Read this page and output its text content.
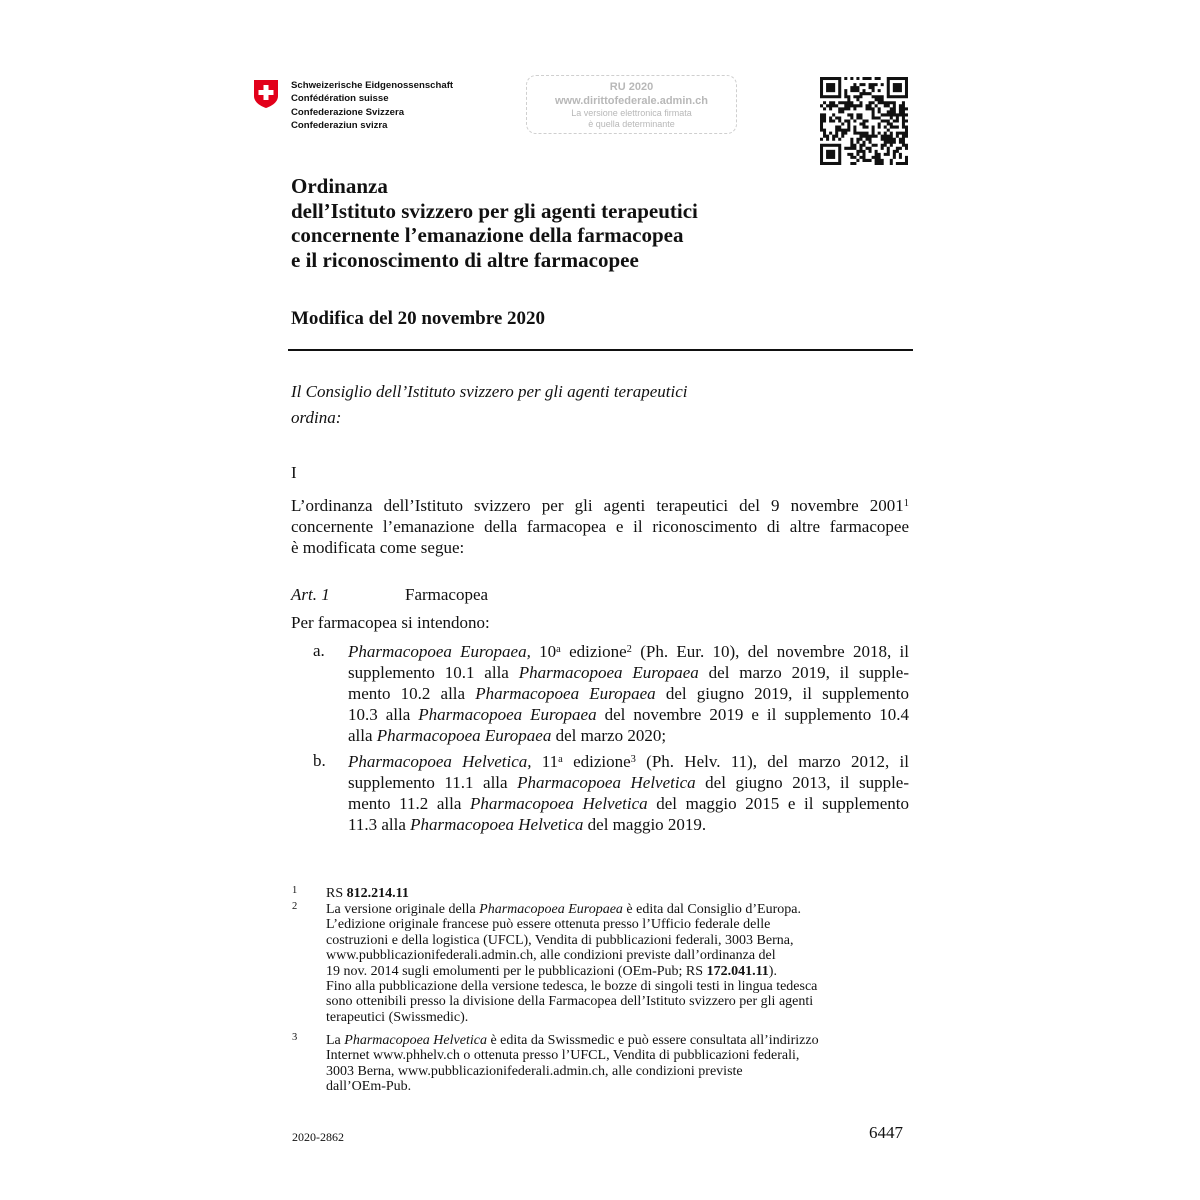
Schweizerische Eidgenossenschaft
Confédération suisse
Confederazione Svizzera
Confederaziun svizra
RU 2020
www.dirittofederale.admin.ch
La versione elettronica firmata
è quella determinante
Ordinanza
dell’Istituto svizzero per gli agenti terapeutici
concernente l’emanazione della farmacopea
e il riconoscimento di altre farmacopee
Modifica del 20 novembre 2020
Il Consiglio dell’Istituto svizzero per gli agenti terapeutici
ordina:
I
L’ordinanza dell’Istituto svizzero per gli agenti terapeutici del 9 novembre 2001$^1$
concernente l’emanazione della farmacopea e il riconoscimento di altre farmacopee
è modificata come segue:
Art. 1	Farmacopea
Per farmacopea si intendono:
a. Pharmacopoea Europaea, 10$^a$ edizione$^2$ (Ph. Eur. 10), del novembre 2018, il
supplemento 10.1 alla Pharmacopoea Europaea del marzo 2019, il supple-
mento 10.2 alla Pharmacopoea Europaea del giugno 2019, il supplemento
10.3 alla Pharmacopoea Europaea del novembre 2019 e il supplemento 10.4
alla Pharmacopoea Europaea del marzo 2020;
b. Pharmacopoea Helvetica, 11$^a$ edizione$^3$ (Ph. Helv. 11), del marzo 2012, il
supplemento 11.1 alla Pharmacopoea Helvetica del giugno 2013, il supple-
mento 11.2 alla Pharmacopoea Helvetica del maggio 2015 e il supplemento
11.3 alla Pharmacopoea Helvetica del maggio 2019.
1 RS 812.214.11
2 La versione originale della Pharmacopoea Europaea è edita dal Consiglio d’Europa.
L’edizione originale francese può essere ottenuta presso l’Ufficio federale delle
costruzioni e della logistica (UFCL), Vendita di pubblicazioni federali, 3003 Berna,
www.pubblicazionifederali.admin.ch, alle condizioni previste dall’ordinanza del
19 nov. 2014 sugli emolumenti per le pubblicazioni (OEm-Pub; RS 172.041.11).
Fino alla pubblicazione della versione tedesca, le bozze di singoli testi in lingua tedesca
sono ottenibili presso la divisione della Farmacopea dell’Istituto svizzero per gli agenti
terapeutici (Swissmedic).
3 La Pharmacopoea Helvetica è edita da Swissmedic e può essere consultata all’indirizzo
Internet www.phhelv.ch o ottenuta presso l’UFCL, Vendita di pubblicazioni federali,
3003 Berna, www.pubblicazionifederali.admin.ch, alle condizioni previste
dall’OEm-Pub.
2020-2862	6447
